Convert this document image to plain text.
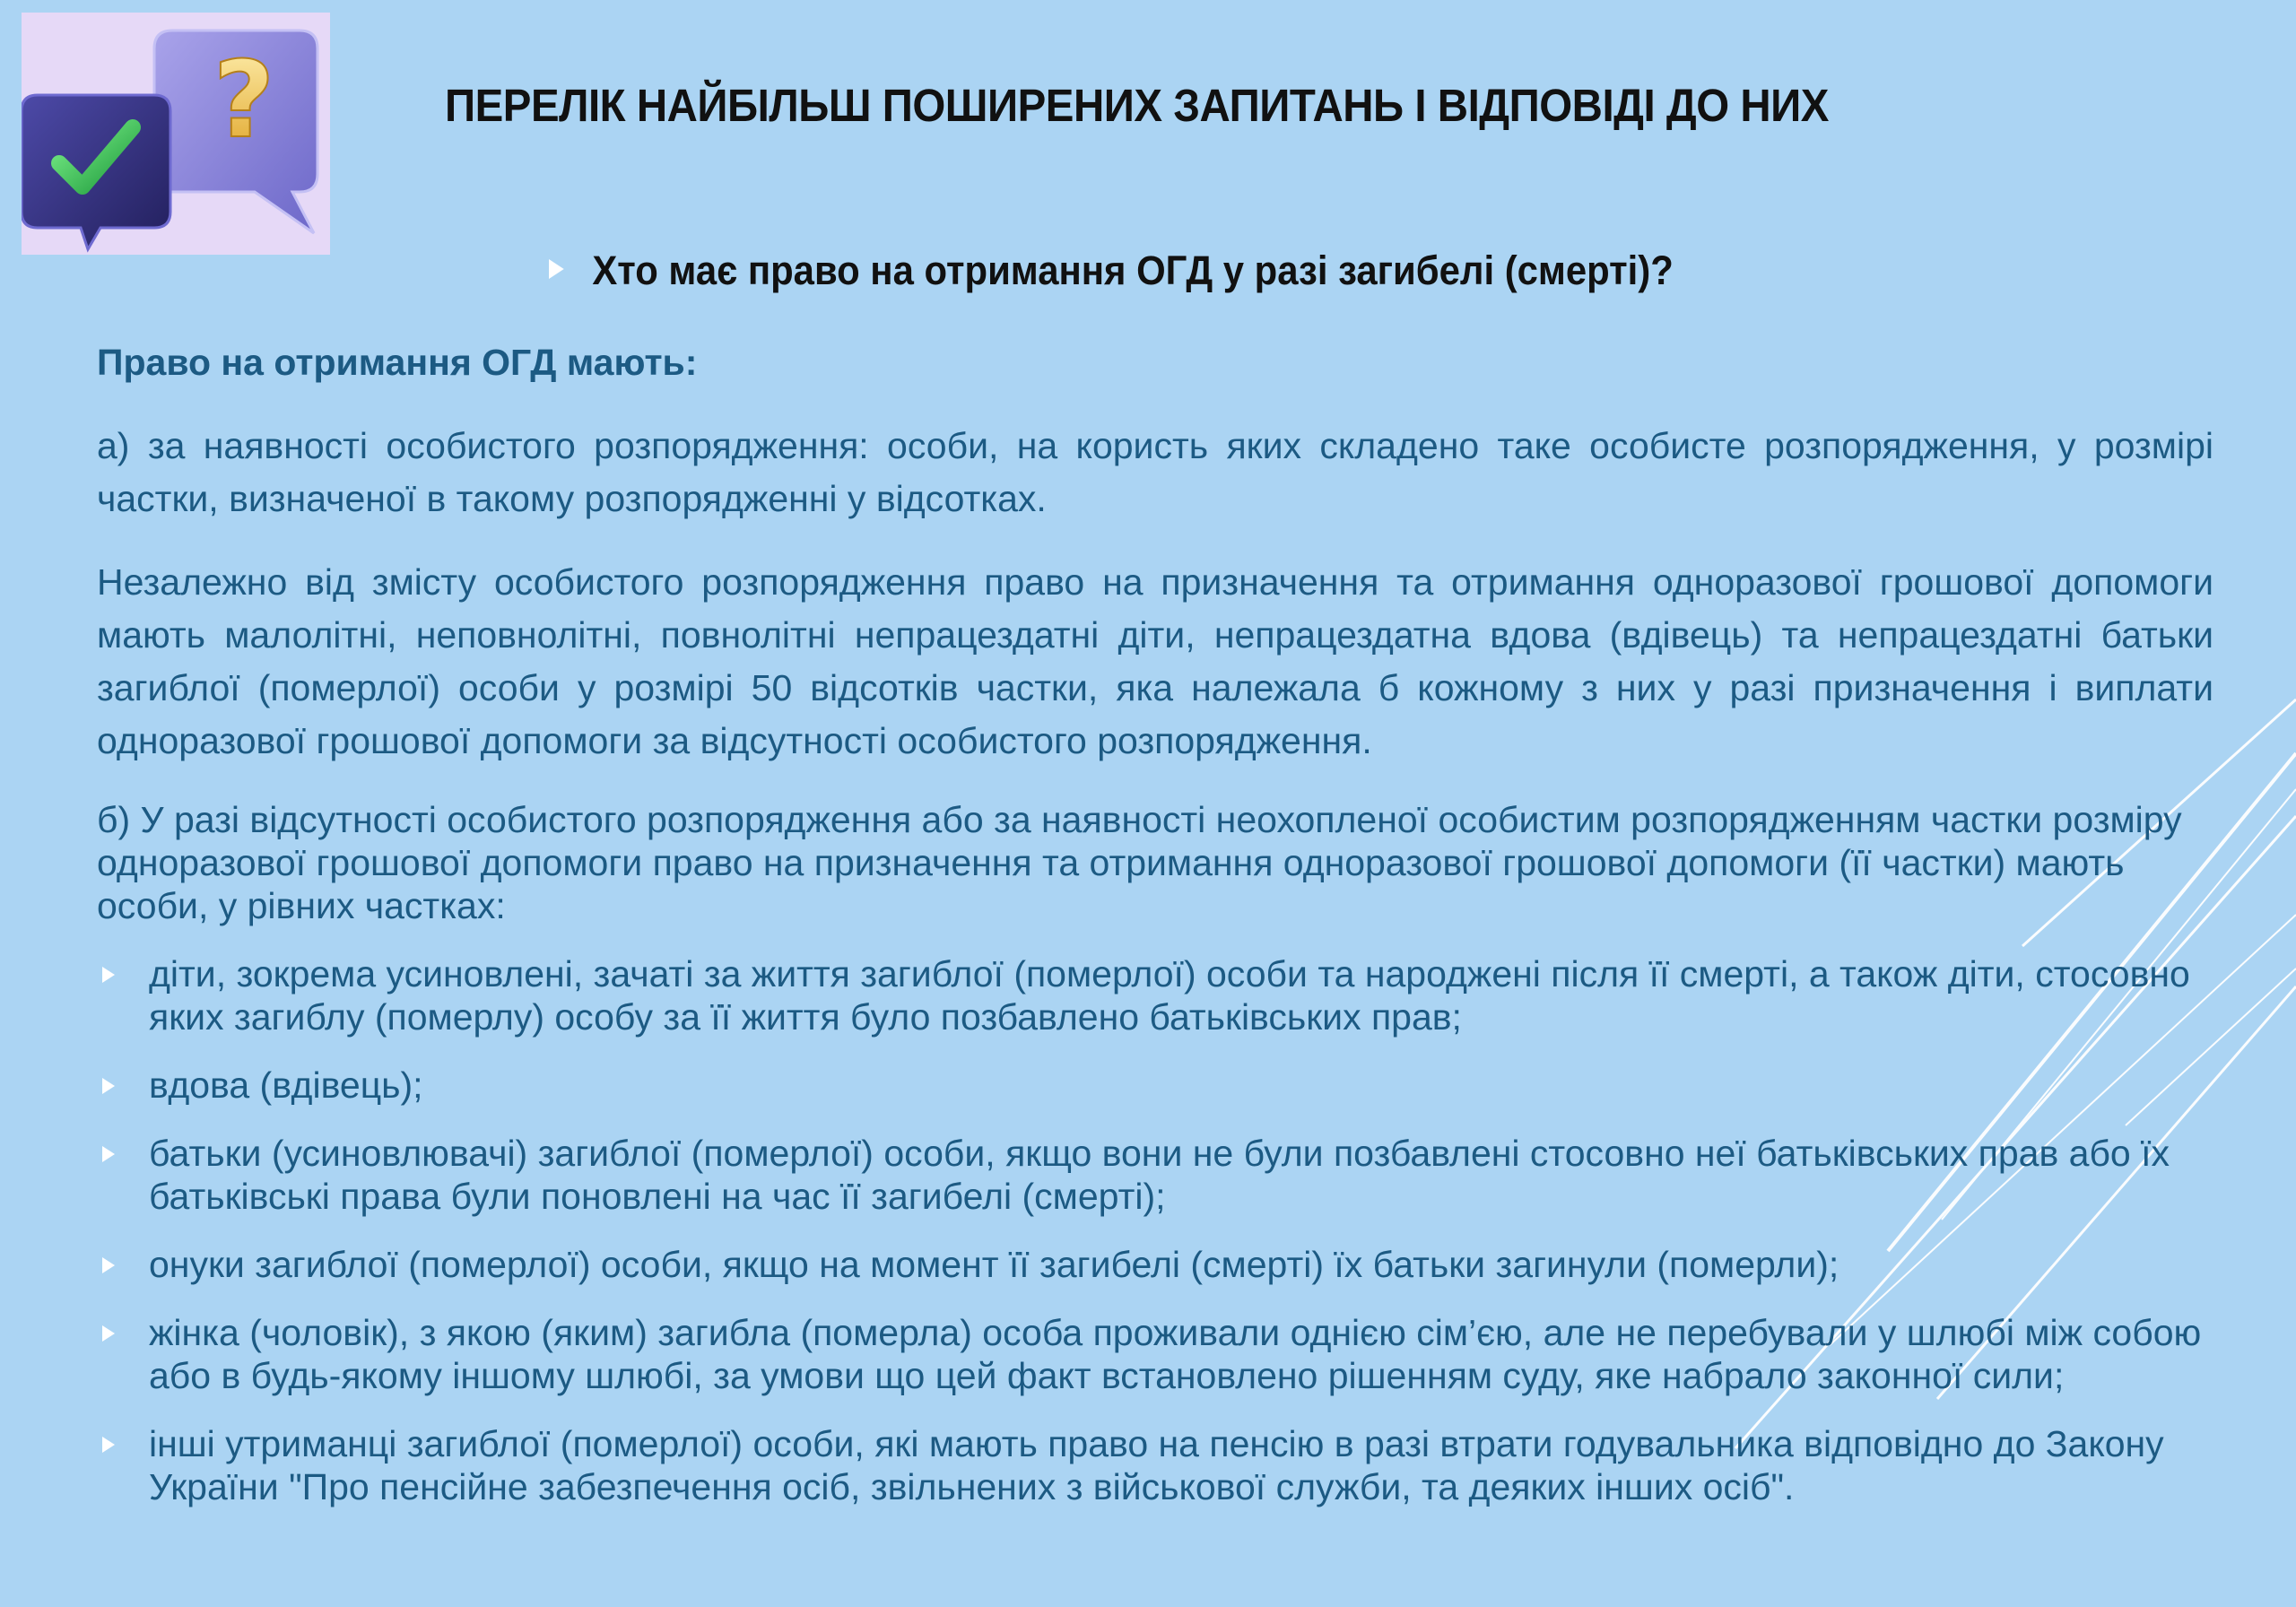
?	ПЕРЕЛІК НАЙБІЛЬШ ПОШИРЕНИХ ЗАПИТАНЬ І ВІДПОВІДІ ДО НИХ
Хто має право на отримання ОГД у разі загибелі (смерті)?

Право на отримання ОГД мають:

а) за наявності особистого розпорядження: особи, на користь яких складено таке особисте розпорядження, у розмірі частки, визначеної в такому розпорядженні у відсотках.

Незалежно від змісту особистого розпорядження право на призначення та отримання одноразової грошової допомоги мають малолітні, неповнолітні, повнолітні непрацездатні діти, непрацездатна вдова (вдівець) та непрацездатні батьки загиблої (померлої) особи у розмірі 50 відсотків частки, яка належала б кожному з них у разі призначення і виплати одноразової грошової допомоги за відсутності особистого розпорядження.

б) У разі відсутності особистого розпорядження або за наявності неохопленої особистим розпорядженням частки розміру одноразової грошової допомоги право на призначення та отримання одноразової грошової допомоги (її частки) мають особи, у рівних частках:

діти, зокрема усиновлені, зачаті за життя загиблої (померлої) особи та народжені після її смерті, а також діти, стосовно яких загиблу (померлу) особу за її життя було позбавлено батьківських прав;
вдова (вдівець);
батьки (усиновлювачі) загиблої (померлої) особи, якщо вони не були позбавлені стосовно неї батьківських прав або їх батьківські права були поновлені на час її загибелі (смерті);
онуки загиблої (померлої) особи, якщо на момент її загибелі (смерті) їх батьки загинули (померли);
жінка (чоловік), з якою (яким) загибла (померла) особа проживали однією сім’єю, але не перебували у шлюбі між собою або в будь-якому іншому шлюбі, за умови що цей факт встановлено рішенням суду, яке набрало законної сили;
інші утриманці загиблої (померлої) особи, які мають право на пенсію в разі втрати годувальника відповідно до Закону України "Про пенсійне забезпечення осіб, звільнених з військової служби, та деяких інших осіб".
